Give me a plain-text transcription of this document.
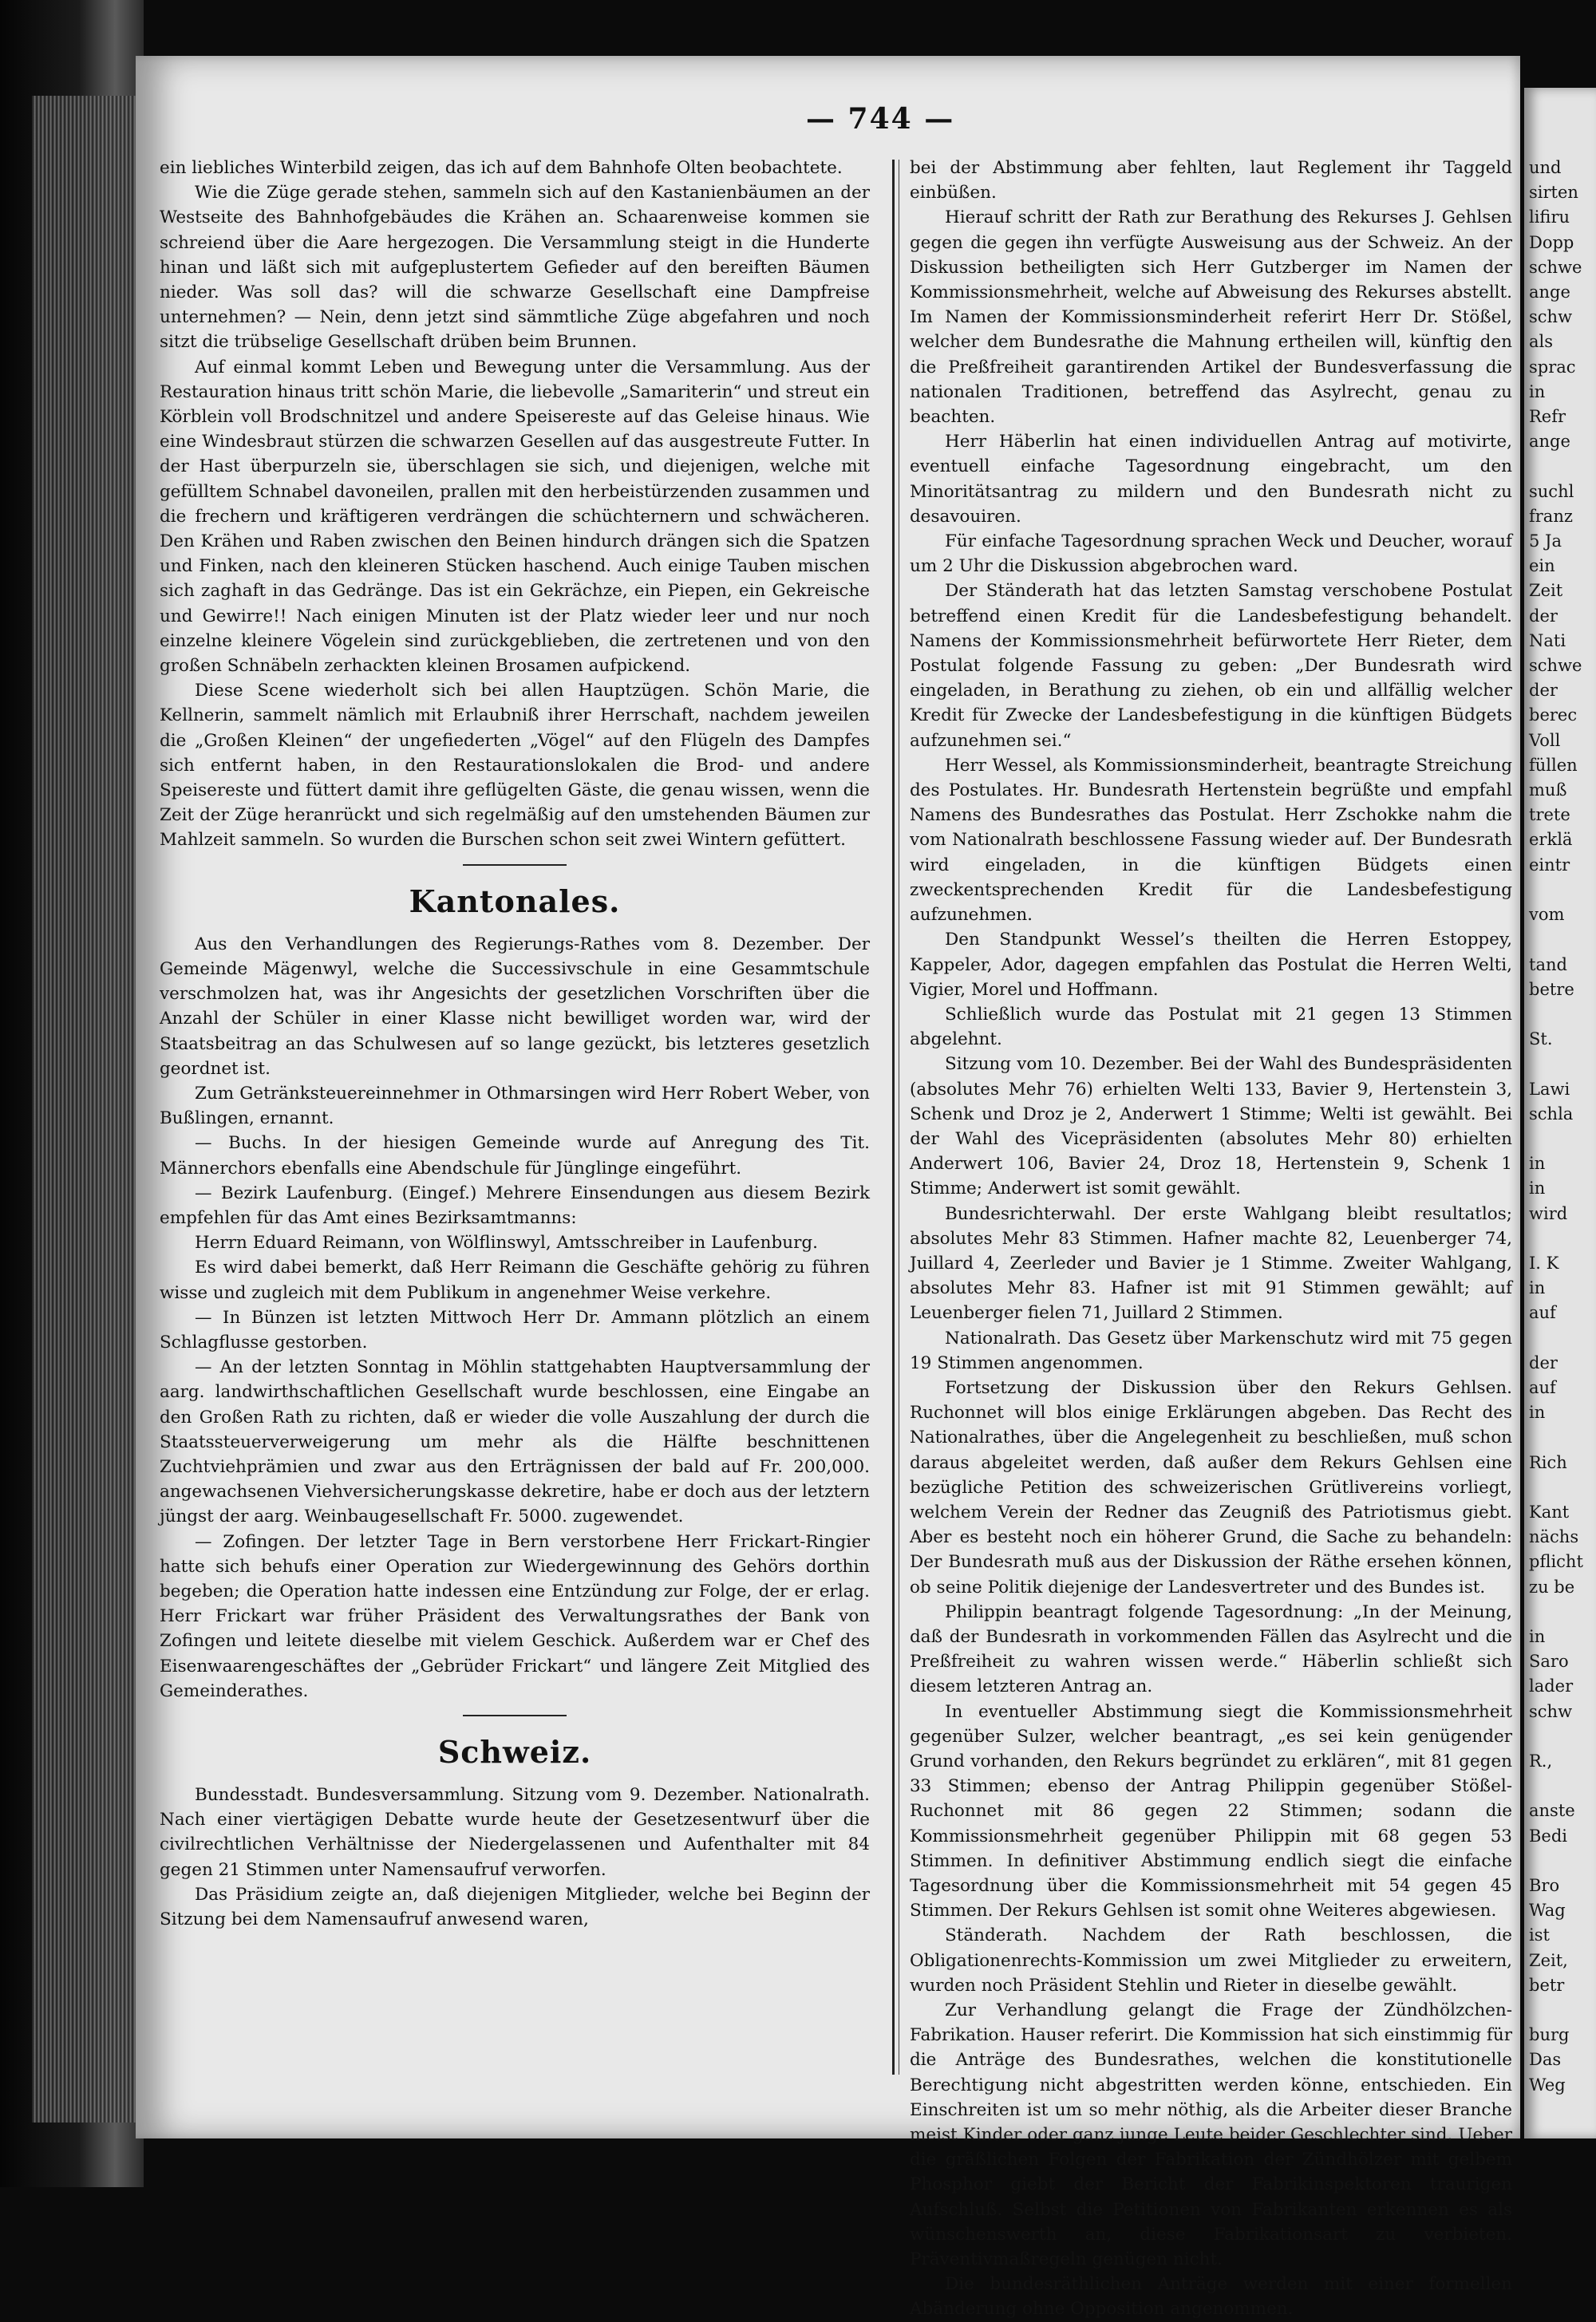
und
sirten
lifiru
Dopp
schwe
ange
schw
als
sprac
in
Refr
ange

suchl
franz
5 Ja
ein
Zeit
der
Nati
schwe
der
berec
Voll
füllen
muß
trete
erklä
eintr

vom

tand
betre

St.

Lawi
schla

in
in
wird

I. K
in
auf

der
auf
in

Rich

Kant
nächs
pflicht
zu be

in
Saro
lader
schw

R.,

anste
Bedi

Bro
Wag
ist
Zeit,
betr

burg
Das
Weg
— 744 —

ein liebliches Winterbild zeigen, das ich auf dem Bahnhofe Olten beobachtete.

Wie die Züge gerade stehen, sammeln sich auf den Kastanienbäumen an der Westseite des Bahnhofgebäudes die Krähen an. Schaarenweise kommen sie schreiend über die Aare hergezogen. Die Versammlung steigt in die Hunderte hinan und läßt sich mit aufgeplustertem Gefieder auf den bereiften Bäumen nieder. Was soll das? will die schwarze Gesellschaft eine Dampfreise unternehmen? — Nein, denn jetzt sind sämmtliche Züge abgefahren und noch sitzt die trübselige Gesellschaft drüben beim Brunnen.

Auf einmal kommt Leben und Bewegung unter die Versammlung. Aus der Restauration hinaus tritt schön Marie, die liebevolle „Samariterin“ und streut ein Körblein voll Brodschnitzel und andere Speisereste auf das Geleise hinaus. Wie eine Windesbraut stürzen die schwarzen Gesellen auf das ausgestreute Futter. In der Hast überpurzeln sie, überschlagen sie sich, und diejenigen, welche mit gefülltem Schnabel davoneilen, prallen mit den herbeistürzenden zusammen und die frechern und kräftigeren verdrängen die schüchternern und schwächeren. Den Krähen und Raben zwischen den Beinen hindurch drängen sich die Spatzen und Finken, nach den kleineren Stücken haschend. Auch einige Tauben mischen sich zaghaft in das Gedränge. Das ist ein Gekrächze, ein Piepen, ein Gekreische und Gewirre!! Nach einigen Minuten ist der Platz wieder leer und nur noch einzelne kleinere Vögelein sind zurückgeblieben, die zertretenen und von den großen Schnäbeln zerhackten kleinen Brosamen aufpickend.

Diese Scene wiederholt sich bei allen Hauptzügen. Schön Marie, die Kellnerin, sammelt nämlich mit Erlaubniß ihrer Herrschaft, nachdem jeweilen die „Großen Kleinen“ der ungefiederten „Vögel“ auf den Flügeln des Dampfes sich entfernt haben, in den Restaurationslokalen die Brod- und andere Speisereste und füttert damit ihre geflügelten Gäste, die genau wissen, wenn die Zeit der Züge heranrückt und sich regelmäßig auf den umstehenden Bäumen zur Mahlzeit sammeln. So wurden die Burschen schon seit zwei Wintern gefüttert.

Kantonales.

Aus den Verhandlungen des Regierungs-Rathes vom 8. Dezember. Der Gemeinde Mägenwyl, welche die Successivschule in eine Gesammtschule verschmolzen hat, was ihr Angesichts der gesetzlichen Vorschriften über die Anzahl der Schüler in einer Klasse nicht bewilliget worden war, wird der Staatsbeitrag an das Schulwesen auf so lange gezückt, bis letzteres gesetzlich geordnet ist.

Zum Getränksteuereinnehmer in Othmarsingen wird Herr Robert Weber, von Bußlingen, ernannt.

— Buchs. In der hiesigen Gemeinde wurde auf Anregung des Tit. Männerchors ebenfalls eine Abendschule für Jünglinge eingeführt.

— Bezirk Laufenburg. (Eingef.) Mehrere Einsendungen aus diesem Bezirk empfehlen für das Amt eines Bezirksamtmanns:

Herrn Eduard Reimann, von Wölflinswyl, Amtsschreiber in Laufenburg.

Es wird dabei bemerkt, daß Herr Reimann die Geschäfte gehörig zu führen wisse und zugleich mit dem Publikum in angenehmer Weise verkehre.

— In Bünzen ist letzten Mittwoch Herr Dr. Ammann plötzlich an einem Schlagflusse gestorben.

— An der letzten Sonntag in Möhlin stattgehabten Hauptversammlung der aarg. landwirthschaftlichen Gesellschaft wurde beschlossen, eine Eingabe an den Großen Rath zu richten, daß er wieder die volle Auszahlung der durch die Staatssteuerverweigerung um mehr als die Hälfte beschnittenen Zuchtviehprämien und zwar aus den Erträgnissen der bald auf Fr. 200,000. angewachsenen Viehversicherungskasse dekretire, habe er doch aus der letztern jüngst der aarg. Weinbaugesellschaft Fr. 5000. zugewendet.

— Zofingen. Der letzter Tage in Bern verstorbene Herr Frickart-Ringier hatte sich behufs einer Operation zur Wiedergewinnung des Gehörs dorthin begeben; die Operation hatte indessen eine Entzündung zur Folge, der er erlag. Herr Frickart war früher Präsident des Verwaltungsrathes der Bank von Zofingen und leitete dieselbe mit vielem Geschick. Außerdem war er Chef des Eisenwaarengeschäftes der „Gebrüder Frickart“ und längere Zeit Mitglied des Gemeinderathes.

Schweiz.

Bundesstadt. Bundesversammlung. Sitzung vom 9. Dezember. Nationalrath. Nach einer viertägigen Debatte wurde heute der Gesetzesentwurf über die civilrechtlichen Verhältnisse der Niedergelassenen und Aufenthalter mit 84 gegen 21 Stimmen unter Namensaufruf verworfen.

Das Präsidium zeigte an, daß diejenigen Mitglieder, welche bei Beginn der Sitzung bei dem Namensaufruf anwesend waren,

bei der Abstimmung aber fehlten, laut Reglement ihr Taggeld einbüßen.

Hierauf schritt der Rath zur Berathung des Rekurses J. Gehlsen gegen die gegen ihn verfügte Ausweisung aus der Schweiz. An der Diskussion betheiligten sich Herr Gutzberger im Namen der Kommissionsmehrheit, welche auf Abweisung des Rekurses abstellt. Im Namen der Kommissionsminderheit referirt Herr Dr. Stößel, welcher dem Bundesrathe die Mahnung ertheilen will, künftig den die Preßfreiheit garantirenden Artikel der Bundesverfassung die nationalen Traditionen, betreffend das Asylrecht, genau zu beachten.

Herr Häberlin hat einen individuellen Antrag auf motivirte, eventuell einfache Tagesordnung eingebracht, um den Minoritätsantrag zu mildern und den Bundesrath nicht zu desavouiren.

Für einfache Tagesordnung sprachen Weck und Deucher, worauf um 2 Uhr die Diskussion abgebrochen ward.

Der Ständerath hat das letzten Samstag verschobene Postulat betreffend einen Kredit für die Landesbefestigung behandelt. Namens der Kommissionsmehrheit befürwortete Herr Rieter, dem Postulat folgende Fassung zu geben: „Der Bundesrath wird eingeladen, in Berathung zu ziehen, ob ein und allfällig welcher Kredit für Zwecke der Landesbefestigung in die künftigen Büdgets aufzunehmen sei.“

Herr Wessel, als Kommissionsminderheit, beantragte Streichung des Postulates. Hr. Bundesrath Hertenstein begrüßte und empfahl Namens des Bundesrathes das Postulat. Herr Zschokke nahm die vom Nationalrath beschlossene Fassung wieder auf. Der Bundesrath wird eingeladen, in die künftigen Büdgets einen zweckentsprechenden Kredit für die Landesbefestigung aufzunehmen.

Den Standpunkt Wessel’s theilten die Herren Estoppey, Kappeler, Ador, dagegen empfahlen das Postulat die Herren Welti, Vigier, Morel und Hoffmann.

Schließlich wurde das Postulat mit 21 gegen 13 Stimmen abgelehnt.

Sitzung vom 10. Dezember. Bei der Wahl des Bundespräsidenten (absolutes Mehr 76) erhielten Welti 133, Bavier 9, Hertenstein 3, Schenk und Droz je 2, Anderwert 1 Stimme; Welti ist gewählt. Bei der Wahl des Vicepräsidenten (absolutes Mehr 80) erhielten Anderwert 106, Bavier 24, Droz 18, Hertenstein 9, Schenk 1 Stimme; Anderwert ist somit gewählt.

Bundesrichterwahl. Der erste Wahlgang bleibt resultatlos; absolutes Mehr 83 Stimmen. Hafner machte 82, Leuenberger 74, Juillard 4, Zeerleder und Bavier je 1 Stimme. Zweiter Wahlgang, absolutes Mehr 83. Hafner ist mit 91 Stimmen gewählt; auf Leuenberger fielen 71, Juillard 2 Stimmen.

Nationalrath. Das Gesetz über Markenschutz wird mit 75 gegen 19 Stimmen angenommen.

Fortsetzung der Diskussion über den Rekurs Gehlsen. Ruchonnet will blos einige Erklärungen abgeben. Das Recht des Nationalrathes, über die Angelegenheit zu beschließen, muß schon daraus abgeleitet werden, daß außer dem Rekurs Gehlsen eine bezügliche Petition des schweizerischen Grütlivereins vorliegt, welchem Verein der Redner das Zeugniß des Patriotismus giebt. Aber es besteht noch ein höherer Grund, die Sache zu behandeln: Der Bundesrath muß aus der Diskussion der Räthe ersehen können, ob seine Politik diejenige der Landesvertreter und des Bundes ist.

Philippin beantragt folgende Tagesordnung: „In der Meinung, daß der Bundesrath in vorkommenden Fällen das Asylrecht und die Preßfreiheit zu wahren wissen werde.“ Häberlin schließt sich diesem letzteren Antrag an.

In eventueller Abstimmung siegt die Kommissionsmehrheit gegenüber Sulzer, welcher beantragt, „es sei kein genügender Grund vorhanden, den Rekurs begründet zu erklären“, mit 81 gegen 33 Stimmen; ebenso der Antrag Philippin gegenüber Stößel-Ruchonnet mit 86 gegen 22 Stimmen; sodann die Kommissionsmehrheit gegenüber Philippin mit 68 gegen 53 Stimmen. In definitiver Abstimmung endlich siegt die einfache Tagesordnung über die Kommissionsmehrheit mit 54 gegen 45 Stimmen. Der Rekurs Gehlsen ist somit ohne Weiteres abgewiesen.

Ständerath. Nachdem der Rath beschlossen, die Obligationenrechts-Kommission um zwei Mitglieder zu erweitern, wurden noch Präsident Stehlin und Rieter in dieselbe gewählt.

Zur Verhandlung gelangt die Frage der Zündhölzchen-Fabrikation. Hauser referirt. Die Kommission hat sich einstimmig für die Anträge des Bundesrathes, welchen die konstitutionelle Berechtigung nicht abgestritten werden könne, entschieden. Ein Einschreiten ist um so mehr nöthig, als die Arbeiter dieser Branche meist Kinder oder ganz junge Leute beider Geschlechter sind. Ueber die gräßlichen Folgen der Fabrikation der Zündhölzer mit gelbem Phosphor giebt der Bericht der Fabrikinspektoren traurigen Aufschluß. Selbst die Petitionen von Fabrikanten erkennen es als wünschenswerth an, diese Fabrikationsart zu verbieten. Präventivmaßregeln genügen nicht.

Die bundesräthlichen Anträge werden mit einer formellen Abänderung ohne Opposition angenommen.
